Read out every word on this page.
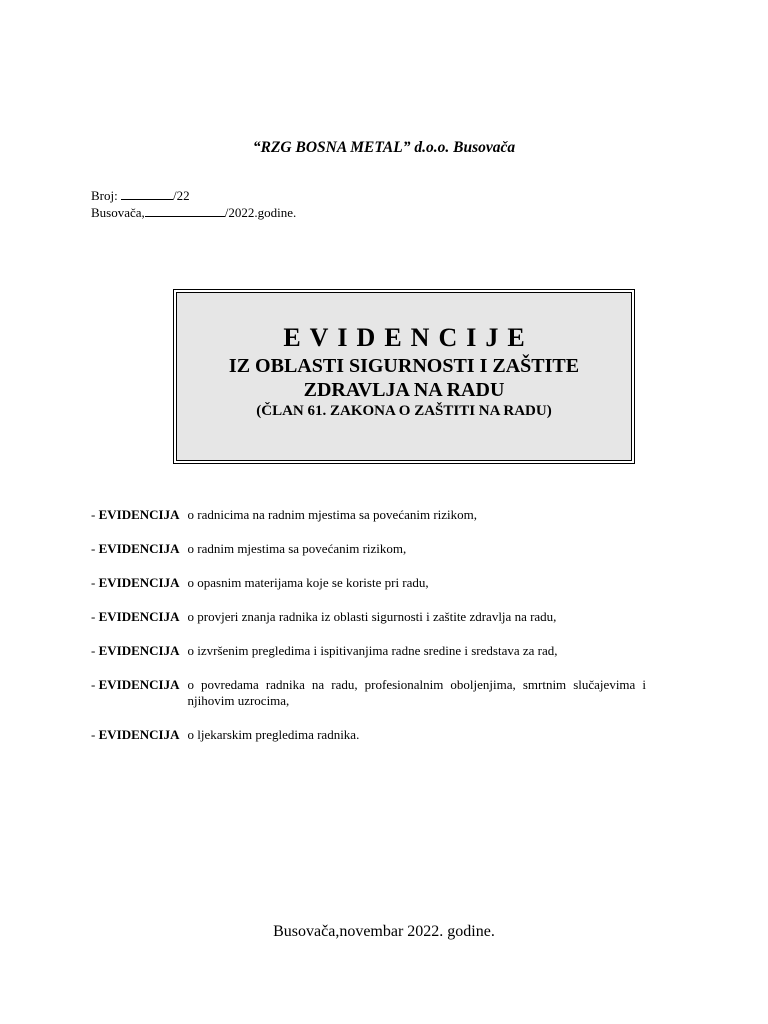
“RZG BOSNA METAL” d.o.o. Busovača
Broj:	/22
Busovača,	/2022.godine.
EVIDENCIJE
IZ OBLASTI SIGURNOSTI I ZAŠTITE
ZDRAVLJA NA RADU
(ČLAN 61. ZAKONA O ZAŠTITI NA RADU)
- EVIDENCIJA o radnicima na radnim mjestima sa povećanim rizikom,
- EVIDENCIJA o radnim mjestima sa povećanim rizikom,
- EVIDENCIJA o opasnim materijama koje se koriste pri radu,
- EVIDENCIJA o provjeri znanja radnika iz oblasti sigurnosti i zaštite zdravlja na radu,
- EVIDENCIJA o izvršenim pregledima i ispitivanjima radne sredine i sredstava za rad,
- EVIDENCIJA o povredama radnika na radu, profesionalnim oboljenjima, smrtnim slučajevima i njihovim uzrocima,
- EVIDENCIJA o ljekarskim pregledima radnika.
Busovača,novembar 2022. godine.
